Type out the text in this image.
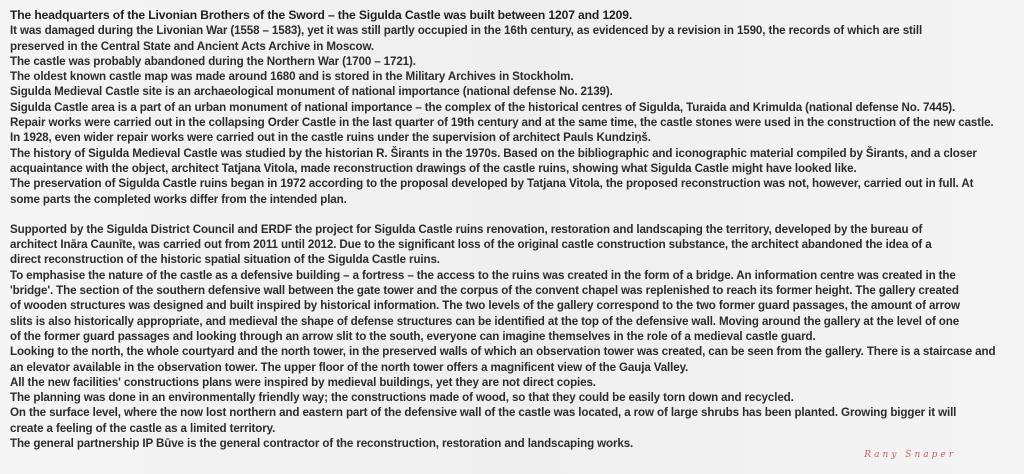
The headquarters of the Livonian Brothers of the Sword – the Sigulda Castle was built between 1207 and 1209.
It was damaged during the Livonian War (1558 – 1583), yet it was still partly occupied in the 16th century, as evidenced by a revision in 1590, the records of which are still
preserved in the Central State and Ancient Acts Archive in Moscow.
The castle was probably abandoned during the Northern War (1700 – 1721).
The oldest known castle map was made around 1680 and is stored in the Military Archives in Stockholm.
Sigulda Medieval Castle site is an archaeological monument of national importance (national defense No. 2139).
Sigulda Castle area is a part of an urban monument of national importance – the complex of the historical centres of Sigulda, Turaida and Krimulda (national defense No. 7445).
Repair works were carried out in the collapsing Order Castle in the last quarter of 19th century and at the same time, the castle stones were used in the construction of the new castle.
In 1928, even wider repair works were carried out in the castle ruins under the supervision of architect Pauls Kundziņš.
The history of Sigulda Medieval Castle was studied by the historian R. Širants in the 1970s. Based on the bibliographic and iconographic material compiled by Širants, and a closer
acquaintance with the object, architect Tatjana Vitola, made reconstruction drawings of the castle ruins, showing what Sigulda Castle might have looked like.
The preservation of Sigulda Castle ruins began in 1972 according to the proposal developed by Tatjana Vitola, the proposed reconstruction was not, however, carried out in full. At
some parts the completed works differ from the intended plan.
Supported by the Sigulda District Council and ERDF the project for Sigulda Castle ruins renovation, restoration and landscaping the territory, developed by the bureau of
architect Ināra Caunīte, was carried out from 2011 until 2012. Due to the significant loss of the original castle construction substance, the architect abandoned the idea of a
direct reconstruction of the historic spatial situation of the Sigulda Castle ruins.
To emphasise the nature of the castle as a defensive building – a fortress – the access to the ruins was created in the form of a bridge. An information centre was created in the
'bridge'. The section of the southern defensive wall between the gate tower and the corpus of the convent chapel was replenished to reach its former height. The gallery created
of wooden structures was designed and built inspired by historical information. The two levels of the gallery correspond to the two former guard passages, the amount of arrow
slits is also historically appropriate, and medieval the shape of defense structures can be identified at the top of the defensive wall. Moving around the gallery at the level of one
of the former guard passages and looking through an arrow slit to the south, everyone can imagine themselves in the role of a medieval castle guard.
Looking to the north, the whole courtyard and the north tower, in the preserved walls of which an observation tower was created, can be seen from the gallery. There is a staircase and
an elevator available in the observation tower. The upper floor of the north tower offers a magnificent view of the Gauja Valley.
All the new facilities' constructions plans were inspired by medieval buildings, yet they are not direct copies.
The planning was done in an environmentally friendly way; the constructions made of wood, so that they could be easily torn down and recycled.
On the surface level, where the now lost northern and eastern part of the defensive wall of the castle was located, a row of large shrubs has been planted. Growing bigger it will
create a feeling of the castle as a limited territory.
The general partnership IP Būve is the general contractor of the reconstruction, restoration and landscaping works.
Rany Snaper
